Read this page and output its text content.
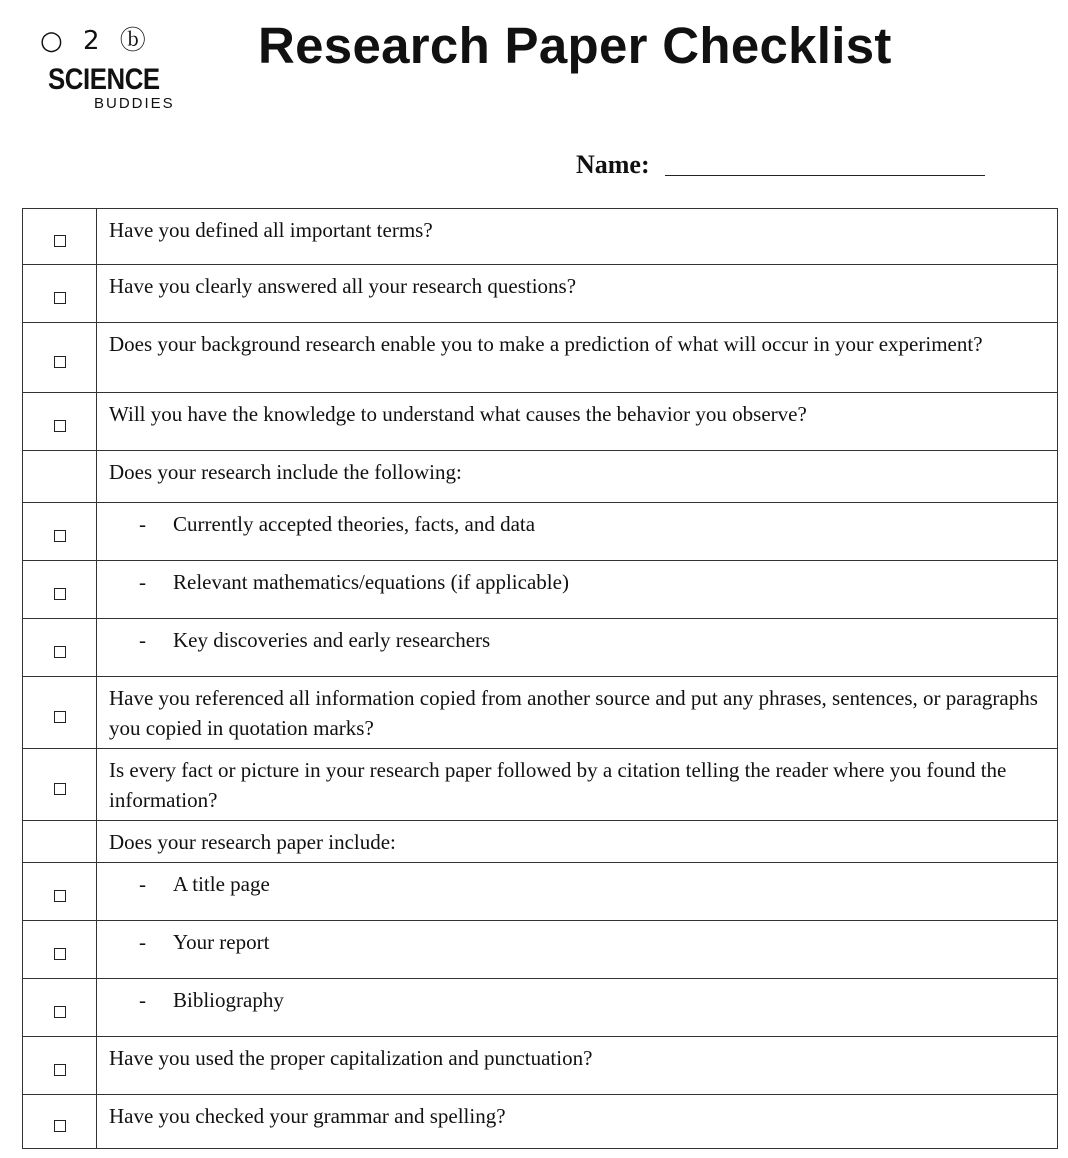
○ 2 ⓑ
SCIENCE
BUDDIES
Research Paper Checklist
Name:
Have you defined all important terms?
Have you clearly answered all your research questions?
Does your background research enable you to make a prediction of what will occur in your experiment?
Will you have the knowledge to understand what causes the behavior you observe?
Does your research include the following:
- Currently accepted theories, facts, and data
- Relevant mathematics/equations (if applicable)
- Key discoveries and early researchers
Have you referenced all information copied from another source and put any phrases, sentences, or paragraphs you copied in quotation marks?
Is every fact or picture in your research paper followed by a citation telling the reader where you found the information?
Does your research paper include:
- A title page
- Your report
- Bibliography
Have you used the proper capitalization and punctuation?
Have you checked your grammar and spelling?
